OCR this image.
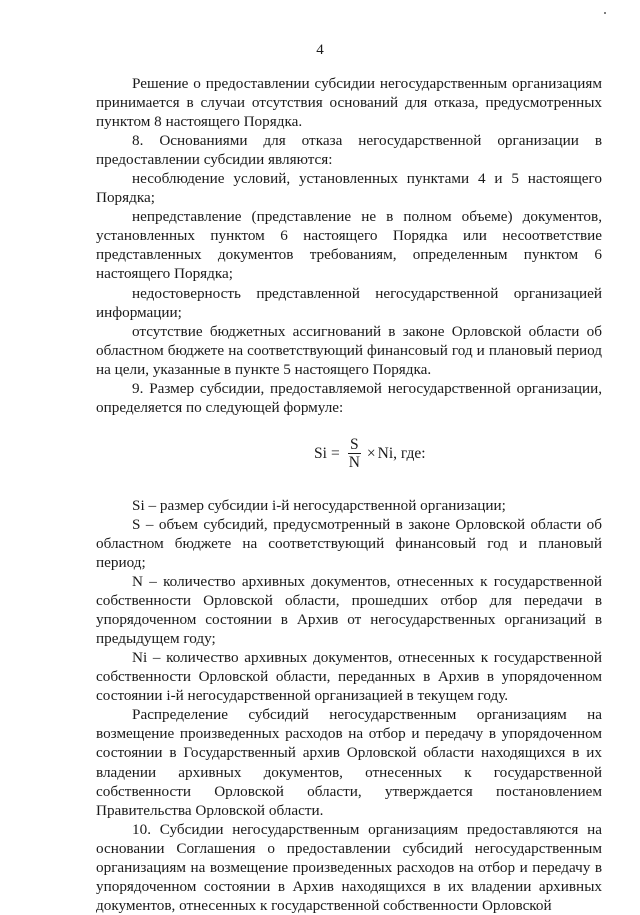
4

Решение о предоставлении субсидии негосударственным организациям принимается в случаи отсутствия оснований для отказа, предусмотренных пунктом 8 настоящего Порядка.

8. Основаниями для отказа негосударственной организации в предоставлении субсидии являются:

несоблюдение условий, установленных пунктами 4 и 5 настоящего Порядка;

непредставление (представление не в полном объеме) документов, установленных пунктом 6 настоящего Порядка или несоответствие представленных документов требованиям, определенным пунктом 6 настоящего Порядка;

недостоверность представленной негосударственной организацией информации;

отсутствие бюджетных ассигнований в законе Орловской области об областном бюджете на соответствующий финансовый год и плановый период на цели, указанные в пункте 5 настоящего Порядка.

9. Размер субсидии, предоставляемой негосударственной организации, определяется по следующей формуле:

$Si = \frac{S}{N} \times Ni$ , где:

Si – размер субсидии i-й негосударственной организации;

S – объем субсидий, предусмотренный в законе Орловской области об областном бюджете на соответствующий финансовый год и плановый период;

N – количество архивных документов, отнесенных к государственной собственности Орловской области, прошедших отбор для передачи в упорядоченном состоянии в Архив от негосударственных организаций в предыдущем году;

Ni – количество архивных документов, отнесенных к государственной собственности Орловской области, переданных в Архив в упорядоченном состоянии i-й негосударственной организацией в текущем году.

Распределение субсидий негосударственным организациям на возмещение произведенных расходов на отбор и передачу в упорядоченном состоянии в Государственный архив Орловской области находящихся в их владении архивных документов, отнесенных к государственной собственности Орловской области, утверждается постановлением Правительства Орловской области.

10. Субсидии негосударственным организациям предоставляются на основании Соглашения о предоставлении субсидий негосударственным организациям на возмещение произведенных расходов на отбор и передачу в упорядоченном состоянии в Архив находящихся в их владении архивных документов, отнесенных к государственной собственности Орловской
